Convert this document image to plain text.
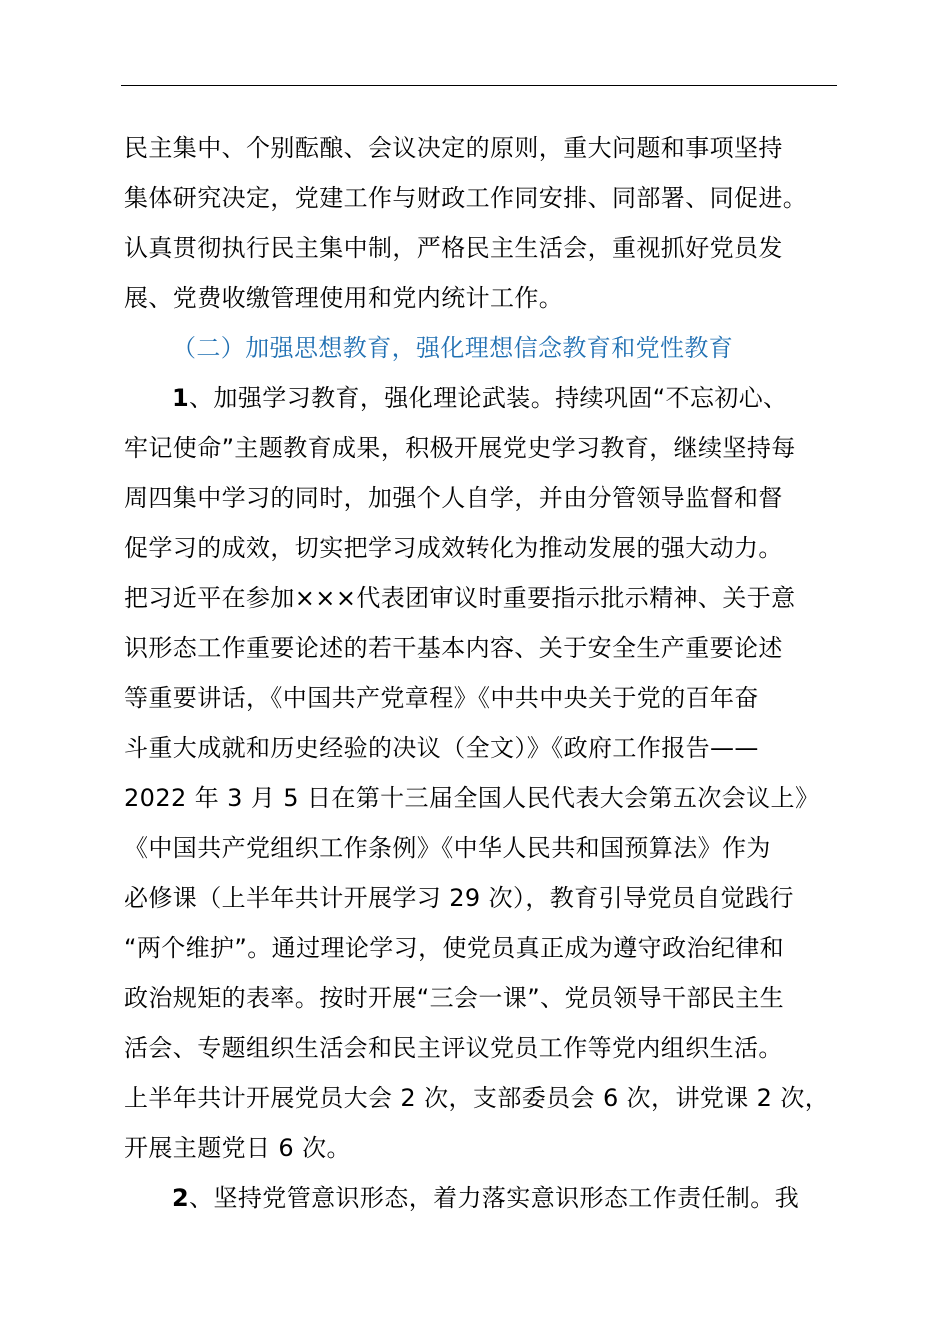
民主集中、个别酝酿、会议决定的原则，重大问题和事项坚持
集体研究决定，党建工作与财政工作同安排、同部署、同促进。
认真贯彻执行民主集中制，严格民主生活会，重视抓好党员发
展、党费收缴管理使用和党内统计工作。
（二）加强思想教育，强化理想信念教育和党性教育
1、加强学习教育，强化理论武装。持续巩固“不忘初心、
牢记使命”主题教育成果，积极开展党史学习教育，继续坚持每
周四集中学习的同时，加强个人自学，并由分管领导监督和督
促学习的成效，切实把学习成效转化为推动发展的强大动力。
把习近平在参加×××代表团审议时重要指示批示精神、关于意
识形态工作重要论述的若干基本内容、关于安全生产重要论述
等重要讲话，《中国共产党章程》《中共中央关于党的百年奋
斗重大成就和历史经验的决议（全文）》《政府工作报告——
2022 年 3 月 5 日在第十三届全国人民代表大会第五次会议上》
《中国共产党组织工作条例》《中华人民共和国预算法》作为
必修课（上半年共计开展学习 29 次），教育引导党员自觉践行
“两个维护”。通过理论学习，使党员真正成为遵守政治纪律和
政治规矩的表率。按时开展“三会一课”、党员领导干部民主生
活会、专题组织生活会和民主评议党员工作等党内组织生活。
上半年共计开展党员大会 2 次，支部委员会 6 次，讲党课 2 次，
开展主题党日 6 次。
2、坚持党管意识形态，着力落实意识形态工作责任制。我
